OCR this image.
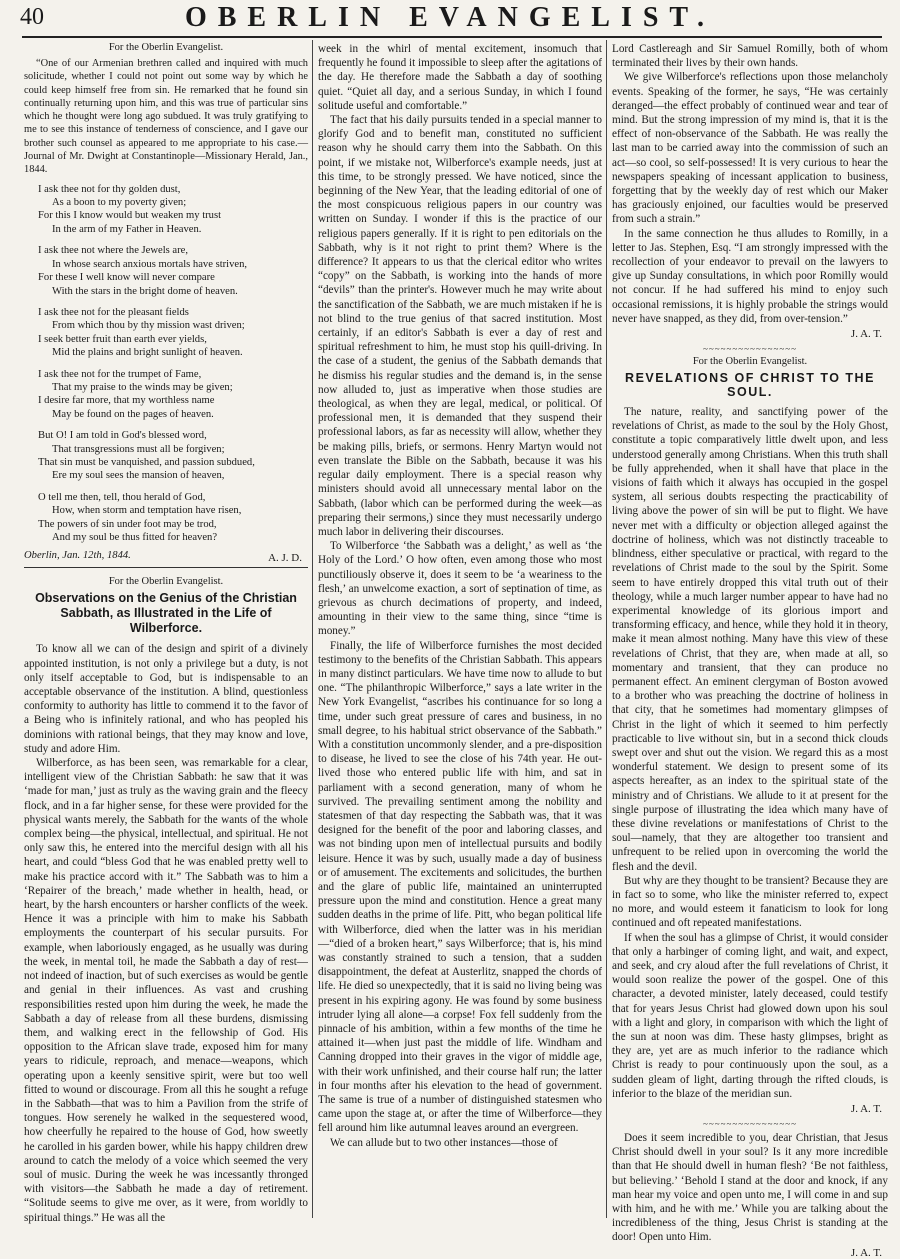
40	OBERLIN EVANGELIST.
For the Oberlin Evangelist.

“One of our Armenian brethren called and inquired with much solicitude, whether I could not point out some way by which he could keep himself free from sin. He remarked that he found sin continually returning upon him, and this was true of particular sins which he thought were long ago subdued. It was truly gratifying to me to see this instance of tenderness of conscience, and I gave our brother such counsel as appeared to me appropriate to his case.—Journal of Mr. Dwight at Constantinople—Missionary Herald, Jan., 1844.

I ask thee not for thy golden dust,
As a boon to my poverty given;
For this I know would but weaken my trust
In the arm of my Father in Heaven.
I ask thee not where the Jewels are,
In whose search anxious mortals have striven,
For these I well know will never compare
With the stars in the bright dome of heaven.
I ask thee not for the pleasant fields
From which thou by thy mission wast driven;
I seek better fruit than earth ever yields,
Mid the plains and bright sunlight of heaven.
I ask thee not for the trumpet of Fame,
That my praise to the winds may be given;
I desire far more, that my worthless name
May be found on the pages of heaven.
But O! I am told in God's blessed word,
That transgressions must all be forgiven;
That sin must be vanquished, and passion subdued,
Ere my soul sees the mansion of heaven,
O tell me then, tell, thou herald of God,
How, when storm and temptation have risen,
The powers of sin under foot may be trod,
And my soul be thus fitted for heaven?
A. J. D.
Oberlin, Jan. 12th, 1844.
For the Oberlin Evangelist.
Observations on the Genius of the Christian Sabbath, as Illustrated in the Life of Wilberforce.

To know all we can of the design and spirit of a divinely appointed institution, is not only a privilege but a duty, is not only itself acceptable to God, but is indispensable to an acceptable observance of the institution. A blind, questionless conformity to authority has little to commend it to the favor of a Being who is infinitely rational, and who has peopled his dominions with rational beings, that they may know and love, study and adore Him.

Wilberforce, as has been seen, was remarkable for a clear, intelligent view of the Christian Sabbath: he saw that it was ‘made for man,’ just as truly as the waving grain and the fleecy flock, and in a far higher sense, for these were provided for the physical wants merely, the Sabbath for the wants of the whole complex being—the physical, intellectual, and spiritual. He not only saw this, he entered into the merciful design with all his heart, and could “bless God that he was enabled pretty well to make his practice accord with it.” The Sabbath was to him a ‘Repairer of the breach,’ made whether in health, head, or heart, by the harsh encounters or harsher conflicts of the week. Hence it was a principle with him to make his Sabbath employments the counterpart of his secular pursuits. For example, when laboriously engaged, as he usually was during the week, in mental toil, he made the Sabbath a day of rest—not indeed of inaction, but of such exercises as would be gentle and genial in their influences. As vast and crushing responsibilities rested upon him during the week, he made the Sabbath a day of release from all these burdens, dismissing them, and walking erect in the fellowship of God. His opposition to the African slave trade, exposed him for many years to ridicule, reproach, and menace—weapons, which operating upon a keenly sensitive spirit, were but too well fitted to wound or discourage. From all this he sought a refuge in the Sabbath—that was to him a Pavilion from the strife of tongues. How serenely he walked in the sequestered wood, how cheerfully he repaired to the house of God, how sweetly he carolled in his garden bower, while his happy children drew around to catch the melody of a voice which seemed the very soul of music. During the week he was incessantly thronged with visitors—the Sabbath he made a day of retirement. “Solitude seems to give me over, as it were, from worldly to spiritual things.” He was all the

week in the whirl of mental excitement, insomuch that frequently he found it impossible to sleep after the agitations of the day. He therefore made the Sabbath a day of soothing quiet. “Quiet all day, and a serious Sunday, in which I found solitude useful and comfortable.”

The fact that his daily pursuits tended in a special manner to glorify God and to benefit man, constituted no sufficient reason why he should carry them into the Sabbath. On this point, if we mistake not, Wilberforce's example needs, just at this time, to be strongly pressed. We have noticed, since the beginning of the New Year, that the leading editorial of one of the most conspicuous religious papers in our country was written on Sunday. I wonder if this is the practice of our religious papers generally. If it is right to pen editorials on the Sabbath, why is it not right to print them? Where is the difference? It appears to us that the clerical editor who writes “copy” on the Sabbath, is working into the hands of more “devils” than the printer's. However much he may write about the sanctification of the Sabbath, we are much mistaken if he is not blind to the true genius of that sacred institution. Most certainly, if an editor's Sabbath is ever a day of rest and spiritual refreshment to him, he must stop his quill-driving. In the case of a student, the genius of the Sabbath demands that he dismiss his regular studies and the demand is, in the sense now alluded to, just as imperative when those studies are theological, as when they are legal, medical, or political. Of professional men, it is demanded that they suspend their professional labors, as far as necessity will allow, whether they be making pills, briefs, or sermons. Henry Martyn would not even translate the Bible on the Sabbath, because it was his regular daily employment. There is a special reason why ministers should avoid all unnecessary mental labor on the Sabbath, (labor which can be performed during the week—as preparing their sermons,) since they must necessarily undergo much labor in delivering their discourses.

To Wilberforce ‘the Sabbath was a delight,’ as well as ‘the Holy of the Lord.’ O how often, even among those who most punctiliously observe it, does it seem to be ‘a weariness to the flesh,’ an unwelcome exaction, a sort of septination of time, as grievous as church decimations of property, and indeed, amounting in their view to the same thing, since “time is money.”

Finally, the life of Wilberforce furnishes the most decided testimony to the benefits of the Christian Sabbath. This appears in many distinct particulars. We have time now to allude to but one. “The philanthropic Wilberforce,” says a late writer in the New York Evangelist, “ascribes his continuance for so long a time, under such great pressure of cares and business, in no small degree, to his habitual strict observance of the Sabbath.” With a constitution uncommonly slender, and a pre-disposition to disease, he lived to see the close of his 74th year. He out-lived those who entered public life with him, and sat in parliament with a second generation, many of whom he survived. The prevailing sentiment among the nobility and statesmen of that day respecting the Sabbath was, that it was designed for the benefit of the poor and laboring classes, and was not binding upon men of intellectual pursuits and bodily leisure. Hence it was by such, usually made a day of business or of amusement. The excitements and solicitudes, the burthen and the glare of public life, maintained an uninterrupted pressure upon the mind and constitution. Hence a great many sudden deaths in the prime of life. Pitt, who began political life with Wilberforce, died when the latter was in his meridian—“died of a broken heart,” says Wilberforce; that is, his mind was constantly strained to such a tension, that a sudden disappointment, the defeat at Austerlitz, snapped the chords of life. He died so unexpectedly, that it is said no living being was present in his expiring agony. He was found by some business intruder lying all alone—a corpse! Fox fell suddenly from the pinnacle of his ambition, within a few months of the time he attained it—when just past the middle of life. Windham and Canning dropped into their graves in the vigor of middle age, with their work unfinished, and their course half run; the latter in four months after his elevation to the head of government. The same is true of a number of distinguished statesmen who came upon the stage at, or after the time of Wilberforce—they fell around him like autumnal leaves around an evergreen.

We can allude but to two other instances—those of

Lord Castlereagh and Sir Samuel Romilly, both of whom terminated their lives by their own hands.

We give Wilberforce's reflections upon those melancholy events. Speaking of the former, he says, “He was certainly deranged—the effect probably of continued wear and tear of mind. But the strong impression of my mind is, that it is the effect of non-observance of the Sabbath. He was really the last man to be carried away into the commission of such an act—so cool, so self-possessed! It is very curious to hear the newspapers speaking of incessant application to business, forgetting that by the weekly day of rest which our Maker has graciously enjoined, our faculties would be preserved from such a strain.”

In the same connection he thus alludes to Romilly, in a letter to Jas. Stephen, Esq. “I am strongly impressed with the recollection of your endeavor to prevail on the lawyers to give up Sunday consultations, in which poor Romilly would not concur. If he had suffered his mind to enjoy such occasional remissions, it is highly probable the strings would never have snapped, as they did, from over-tension.”

J. A. T.
~~~~~~~~~~~~~~~~
For the Oberlin Evangelist.
REVELATIONS OF CHRIST TO THE SOUL.

The nature, reality, and sanctifying power of the revelations of Christ, as made to the soul by the Holy Ghost, constitute a topic comparatively little dwelt upon, and less understood generally among Christians. When this truth shall be fully apprehended, when it shall have that place in the visions of faith which it always has occupied in the gospel system, all serious doubts respecting the practicability of living above the power of sin will be put to flight. We have never met with a difficulty or objection alleged against the doctrine of holiness, which was not distinctly traceable to blindness, either speculative or practical, with regard to the revelations of Christ made to the soul by the Spirit. Some seem to have entirely dropped this vital truth out of their theology, while a much larger number appear to have had no experimental knowledge of its glorious import and transforming efficacy, and hence, while they hold it in theory, make it mean almost nothing. Many have this view of these revelations of Christ, that they are, when made at all, so momentary and transient, that they can produce no permanent effect. An eminent clergyman of Boston avowed to a brother who was preaching the doctrine of holiness in that city, that he sometimes had momentary glimpses of Christ in the light of which it seemed to him perfectly practicable to live without sin, but in a second thick clouds swept over and shut out the vision. We regard this as a most wonderful statement. We design to present some of its aspects hereafter, as an index to the spiritual state of the ministry and of Christians. We allude to it at present for the single purpose of illustrating the idea which many have of these divine revelations or manifestations of Christ to the soul—namely, that they are altogether too transient and unfrequent to be relied upon in overcoming the world the flesh and the devil.

But why are they thought to be transient? Because they are in fact so to some, who like the minister referred to, expect no more, and would esteem it fanaticism to look for long continued and oft repeated manifestations.

If when the soul has a glimpse of Christ, it would consider that only a harbinger of coming light, and wait, and expect, and seek, and cry aloud after the full revelations of Christ, it would soon realize the power of the gospel. One of this character, a devoted minister, lately deceased, could testify that for years Jesus Christ had glowed down upon his soul with a light and glory, in comparison with which the light of the sun at noon was dim. These hasty glimpses, bright as they are, yet are as much inferior to the radiance which Christ is ready to pour continuously upon the soul, as a sudden gleam of light, darting through the rifted clouds, is inferior to the blaze of the meridian sun.

J. A. T.
~~~~~~~~~~~~~~~~

Does it seem incredible to you, dear Christian, that Jesus Christ should dwell in your soul? Is it any more incredible than that He should dwell in human flesh? ‘Be not faithless, but believing.’ ‘Behold I stand at the door and knock, if any man hear my voice and open unto me, I will come in and sup with him, and he with me.’ While you are talking about the incredibleness of the thing, Jesus Christ is standing at the door! Open unto Him.

J. A. T.
